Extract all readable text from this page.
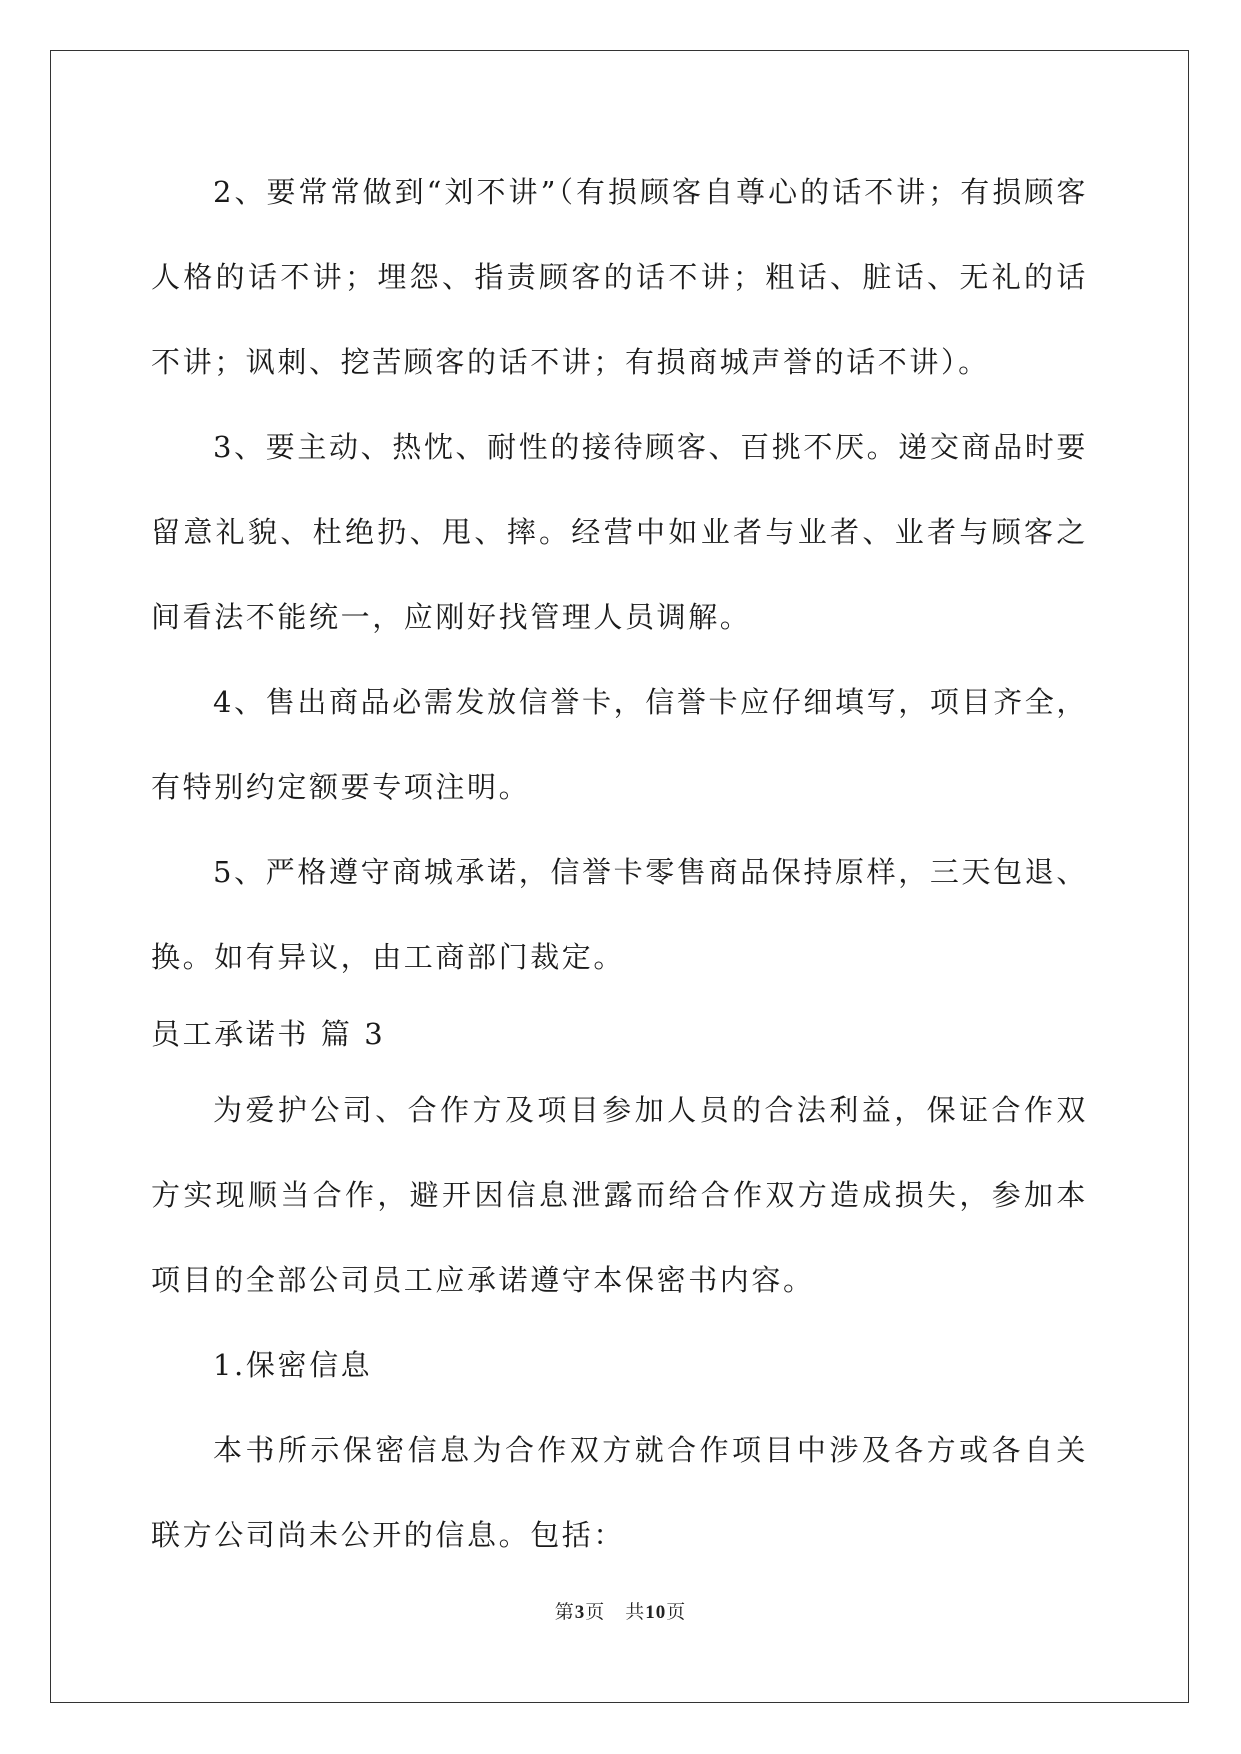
2、要常常做到“刘不讲”（有损顾客自尊心的话不讲；有损顾客人格的话不讲；埋怨、指责顾客的话不讲；粗话、脏话、无礼的话不讲；讽刺、挖苦顾客的话不讲；有损商城声誉的话不讲）。

3、要主动、热忱、耐性的接待顾客、百挑不厌。递交商品时要留意礼貌、杜绝扔、甩、摔。经营中如业者与业者、业者与顾客之间看法不能统一，应刚好找管理人员调解。

4、售出商品必需发放信誉卡，信誉卡应仔细填写，项目齐全，有特别约定额要专项注明。

5、严格遵守商城承诺，信誉卡零售商品保持原样，三天包退、换。如有异议，由工商部门裁定。

员工承诺书 篇 3

为爱护公司、合作方及项目参加人员的合法利益，保证合作双方实现顺当合作，避开因信息泄露而给合作双方造成损失，参加本项目的全部公司员工应承诺遵守本保密书内容。

1.保密信息

本书所示保密信息为合作双方就合作项目中涉及各方或各自关联方公司尚未公开的信息。包括：

第3页 共10页
